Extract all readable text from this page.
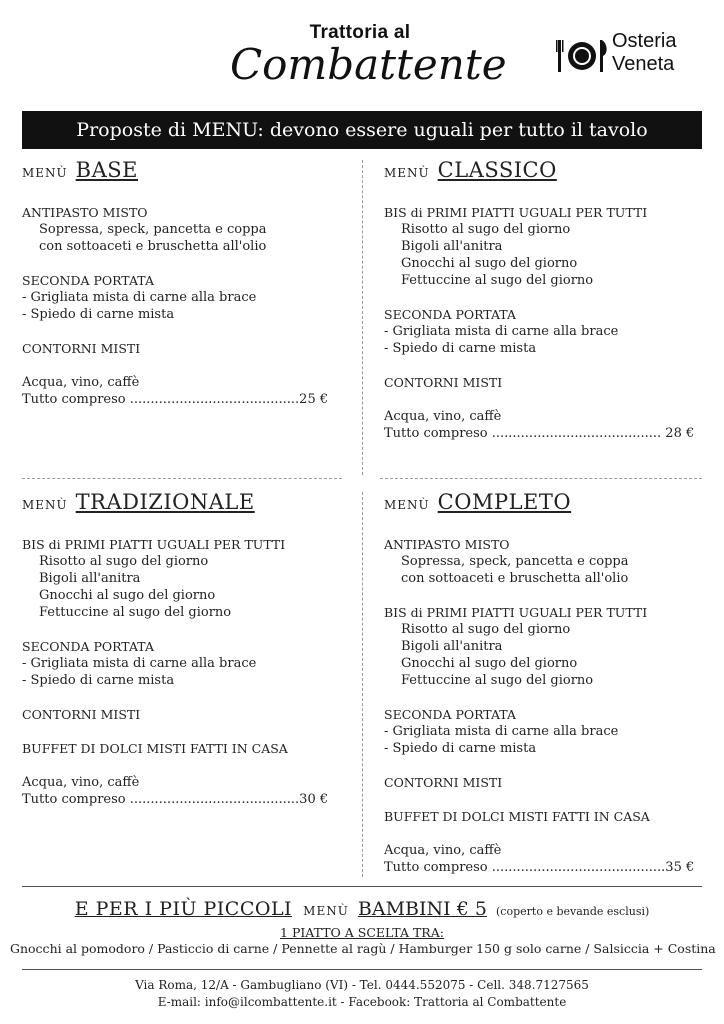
Trattoria al
Combattente	Osteria
Veneta
Proposte di MENU: devono essere uguali per tutto il tavolo
MENÙ BASE
ANTIPASTO MISTO
Sopressa, speck, pancetta e coppa
con sottoaceti e bruschetta all'olio
SECONDA PORTATA
- Grigliata mista di carne alla brace
- Spiedo di carne mista
CONTORNI MISTI
Acqua, vino, caffè
Tutto compreso .........................................25 €
MENÙ CLASSICO
BIS di PRIMI PIATTI UGUALI PER TUTTI
Risotto al sugo del giorno
Bigoli all'anitra
Gnocchi al sugo del giorno
Fettuccine al sugo del giorno
SECONDA PORTATA
- Grigliata mista di carne alla brace
- Spiedo di carne mista
CONTORNI MISTI
Acqua, vino, caffè
Tutto compreso ......................................... 28 €
MENÙ TRADIZIONALE
BIS di PRIMI PIATTI UGUALI PER TUTTI
Risotto al sugo del giorno
Bigoli all'anitra
Gnocchi al sugo del giorno
Fettuccine al sugo del giorno
SECONDA PORTATA
- Grigliata mista di carne alla brace
- Spiedo di carne mista
CONTORNI MISTI
BUFFET DI DOLCI MISTI FATTI IN CASA
Acqua, vino, caffè
Tutto compreso .........................................30 €
MENÙ COMPLETO
ANTIPASTO MISTO
Sopressa, speck, pancetta e coppa
con sottoaceti e bruschetta all'olio
BIS di PRIMI PIATTI UGUALI PER TUTTI
Risotto al sugo del giorno
Bigoli all'anitra
Gnocchi al sugo del giorno
Fettuccine al sugo del giorno
SECONDA PORTATA
- Grigliata mista di carne alla brace
- Spiedo di carne mista
CONTORNI MISTI
BUFFET DI DOLCI MISTI FATTI IN CASA
Acqua, vino, caffè
Tutto compreso ..........................................35 €
E PER I PIÙ PICCOLI MENÙ BAMBINI € 5 (coperto e bevande esclusi)
1 PIATTO A SCELTA TRA:
Gnocchi al pomodoro / Pasticcio di carne / Pennette al ragù / Hamburger 150 g solo carne / Salsiccia + Costina
Via Roma, 12/A - Gambugliano (VI) - Tel. 0444.552075 - Cell. 348.7127565
E-mail: info@ilcombattente.it - Facebook: Trattoria al Combattente
